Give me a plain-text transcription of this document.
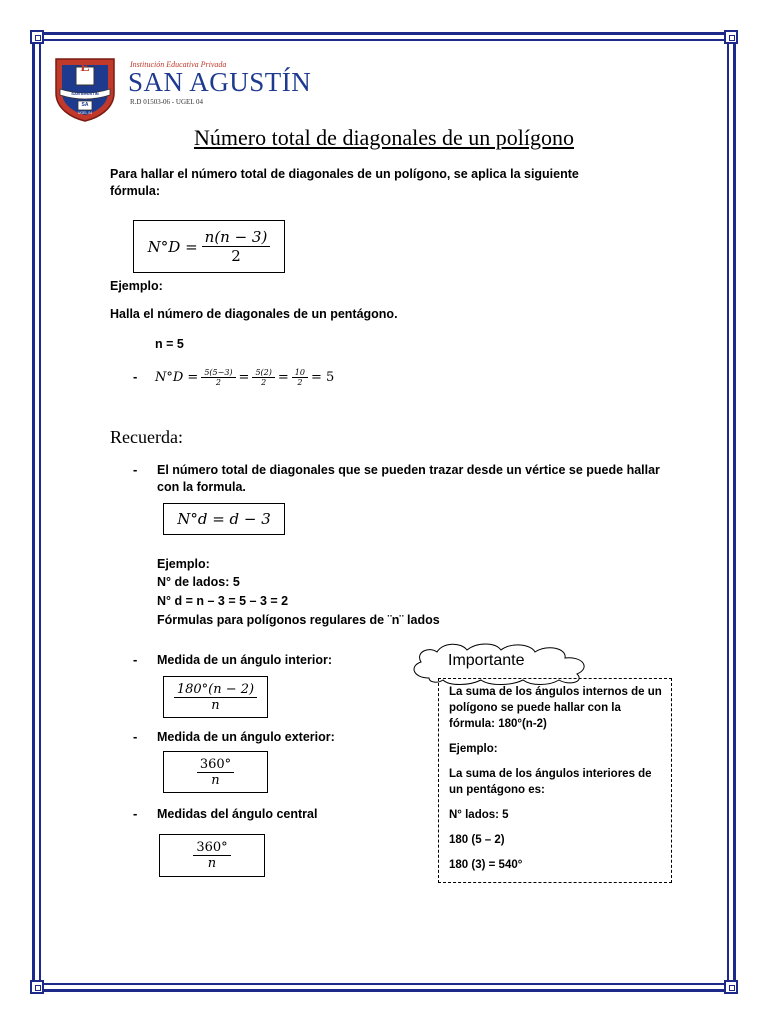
E
SAN AGUSTÍN
SA
UGEL 04
Institución Educativa Privada
SAN AGUSTÍN
R.D 01503-06 - UGEL 04
Número total de diagonales de un polígono
Para hallar el número total de diagonales de un polígono, se aplica la siguiente fórmula:
$N^\circ D = \frac{n(n - 3)}{2}$
Ejemplo:
Halla el número de diagonales de un pentágono.
n = 5
- $N^\circ D = \frac{5(5-3)}{2} = \frac{5(2)}{2} = \frac{10}{2} = 5$
Recuerda:
- El número total de diagonales que se pueden trazar desde un vértice se puede hallar con la formula.
N°d = d − 3
Ejemplo:
N° de lados: 5
N° d = n – 3 = 5 – 3 = 2
Fórmulas para polígonos regulares de ¨n¨ lados
- Medida de un ángulo interior:
$\frac{180^\circ(n - 2)}{n}$
- Medida de un ángulo exterior:
$\frac{360^\circ}{n}$
- Medidas del ángulo central
$\frac{360^\circ}{n}$
Importante
La suma de los ángulos internos de un polígono se puede hallar con la fórmula: 180°(n-2)
Ejemplo:
La suma de los ángulos interiores de un pentágono es:
N° lados: 5
180 (5 – 2)
180 (3) = 540°
